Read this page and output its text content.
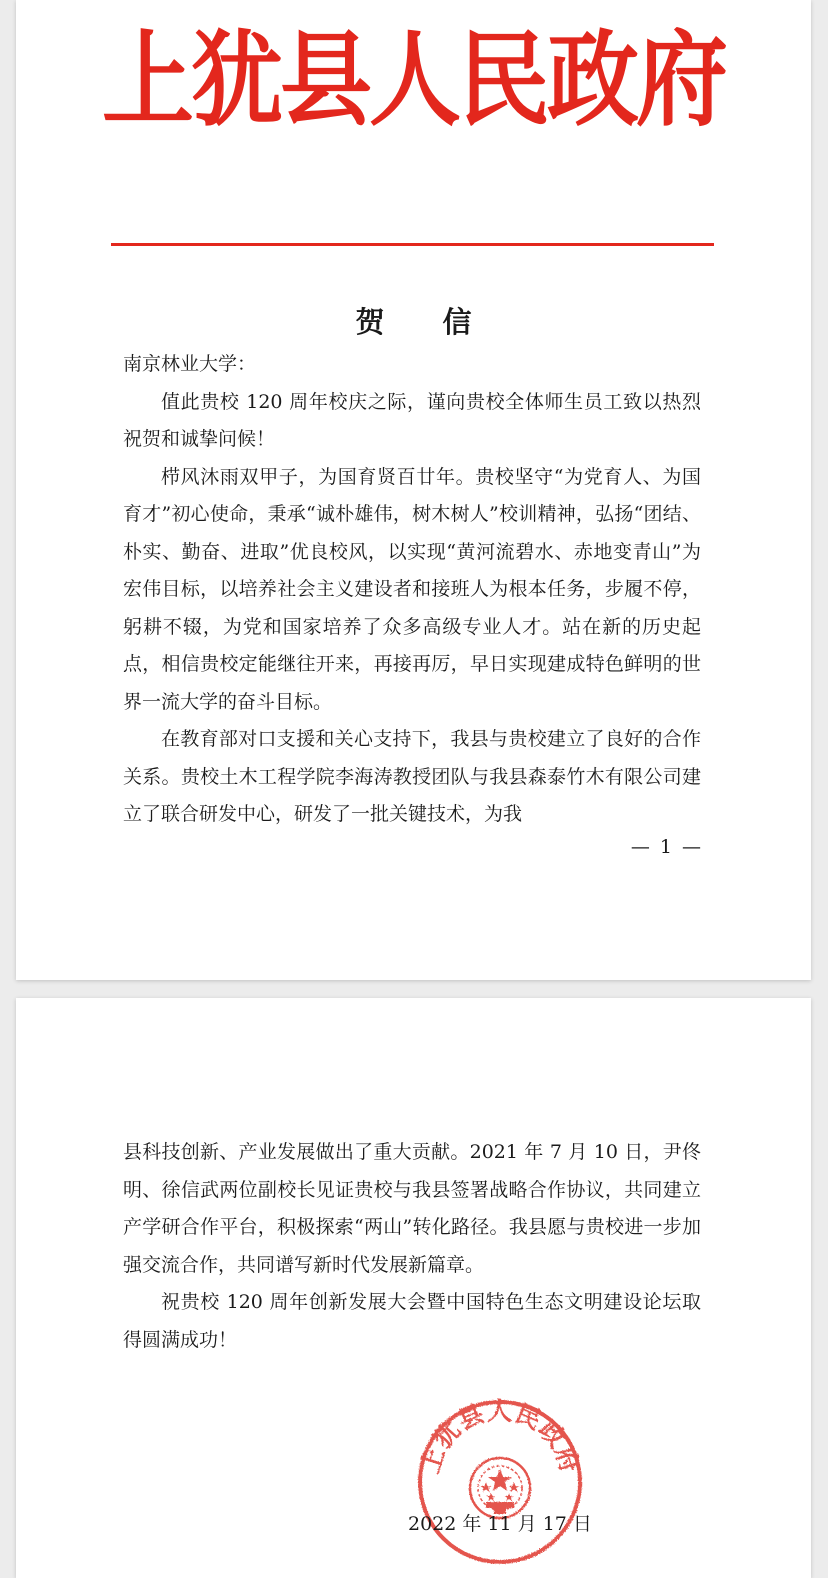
上犹县人民政府
贺 信

南京林业大学：

值此贵校 120 周年校庆之际，谨向贵校全体师生员工致以热烈祝贺和诚挚问候！

栉风沐雨双甲子，为国育贤百廿年。贵校坚守“为党育人、为国育才”初心使命，秉承“诚朴雄伟，树木树人”校训精神，弘扬“团结、朴实、勤奋、进取”优良校风，以实现“黄河流碧水、赤地变青山”为宏伟目标，以培养社会主义建设者和接班人为根本任务，步履不停，躬耕不辍，为党和国家培养了众多高级专业人才。站在新的历史起点，相信贵校定能继往开来，再接再厉，早日实现建成特色鲜明的世界一流大学的奋斗目标。

在教育部对口支援和关心支持下，我县与贵校建立了良好的合作关系。贵校土木工程学院李海涛教授团队与我县森泰竹木有限公司建立了联合研发中心，研发了一批关键技术，为我

— 1 —

县科技创新、产业发展做出了重大贡献。2021 年 7 月 10 日，尹佟明、徐信武两位副校长见证贵校与我县签署战略合作协议，共同建立产学研合作平台，积极探索“两山”转化路径。我县愿与贵校进一步加强交流合作，共同谱写新时代发展新篇章。

祝贵校 120 周年创新发展大会暨中国特色生态文明建设论坛取得圆满成功！

上犹县人民政府
2022 年 11 月 17 日
